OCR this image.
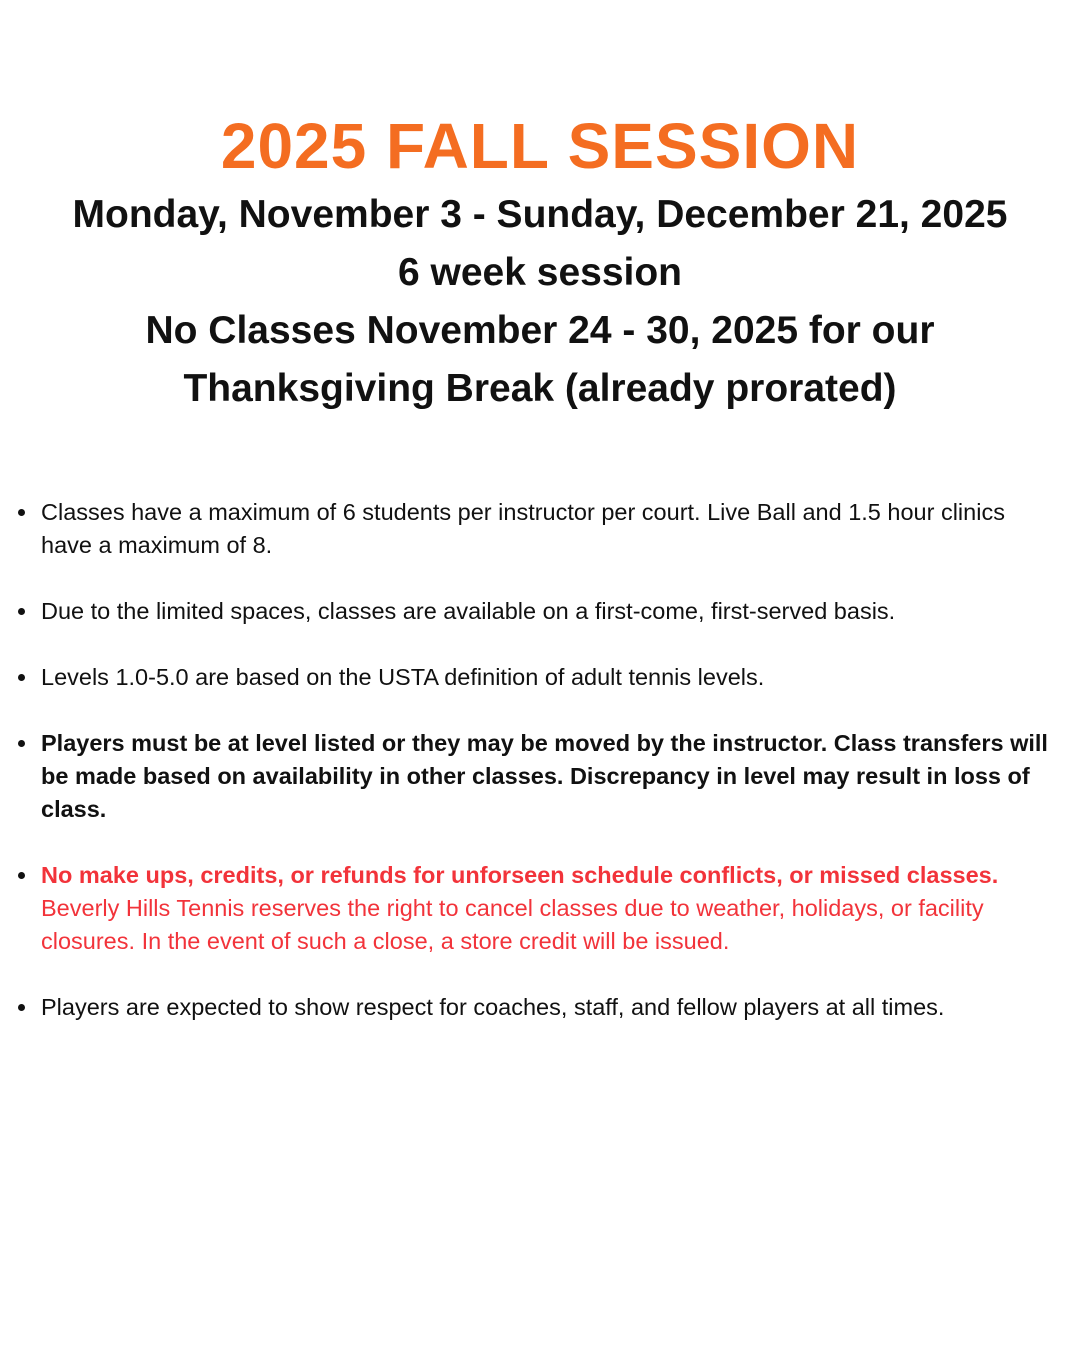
2025 FALL SESSION

Monday, November 3 - Sunday, December 21, 2025

6 week session

No Classes November 24 - 30, 2025 for our

Thanksgiving Break (already prorated)

Classes have a maximum of 6 students per instructor per court. Live Ball and 1.5 hour clinics have a maximum of 8.
Due to the limited spaces, classes are available on a first-come, first-served basis.
Levels 1.0-5.0 are based on the USTA definition of adult tennis levels.
Players must be at level listed or they may be moved by the instructor. Class transfers will be made based on availability in other classes. Discrepancy in level may result in loss of class.
No make ups, credits, or refunds for unforseen schedule conflicts, or missed classes. Beverly Hills Tennis reserves the right to cancel classes due to weather, holidays, or facility closures. In the event of such a close, a store credit will be issued.
Players are expected to show respect for coaches, staff, and fellow players at all times.
